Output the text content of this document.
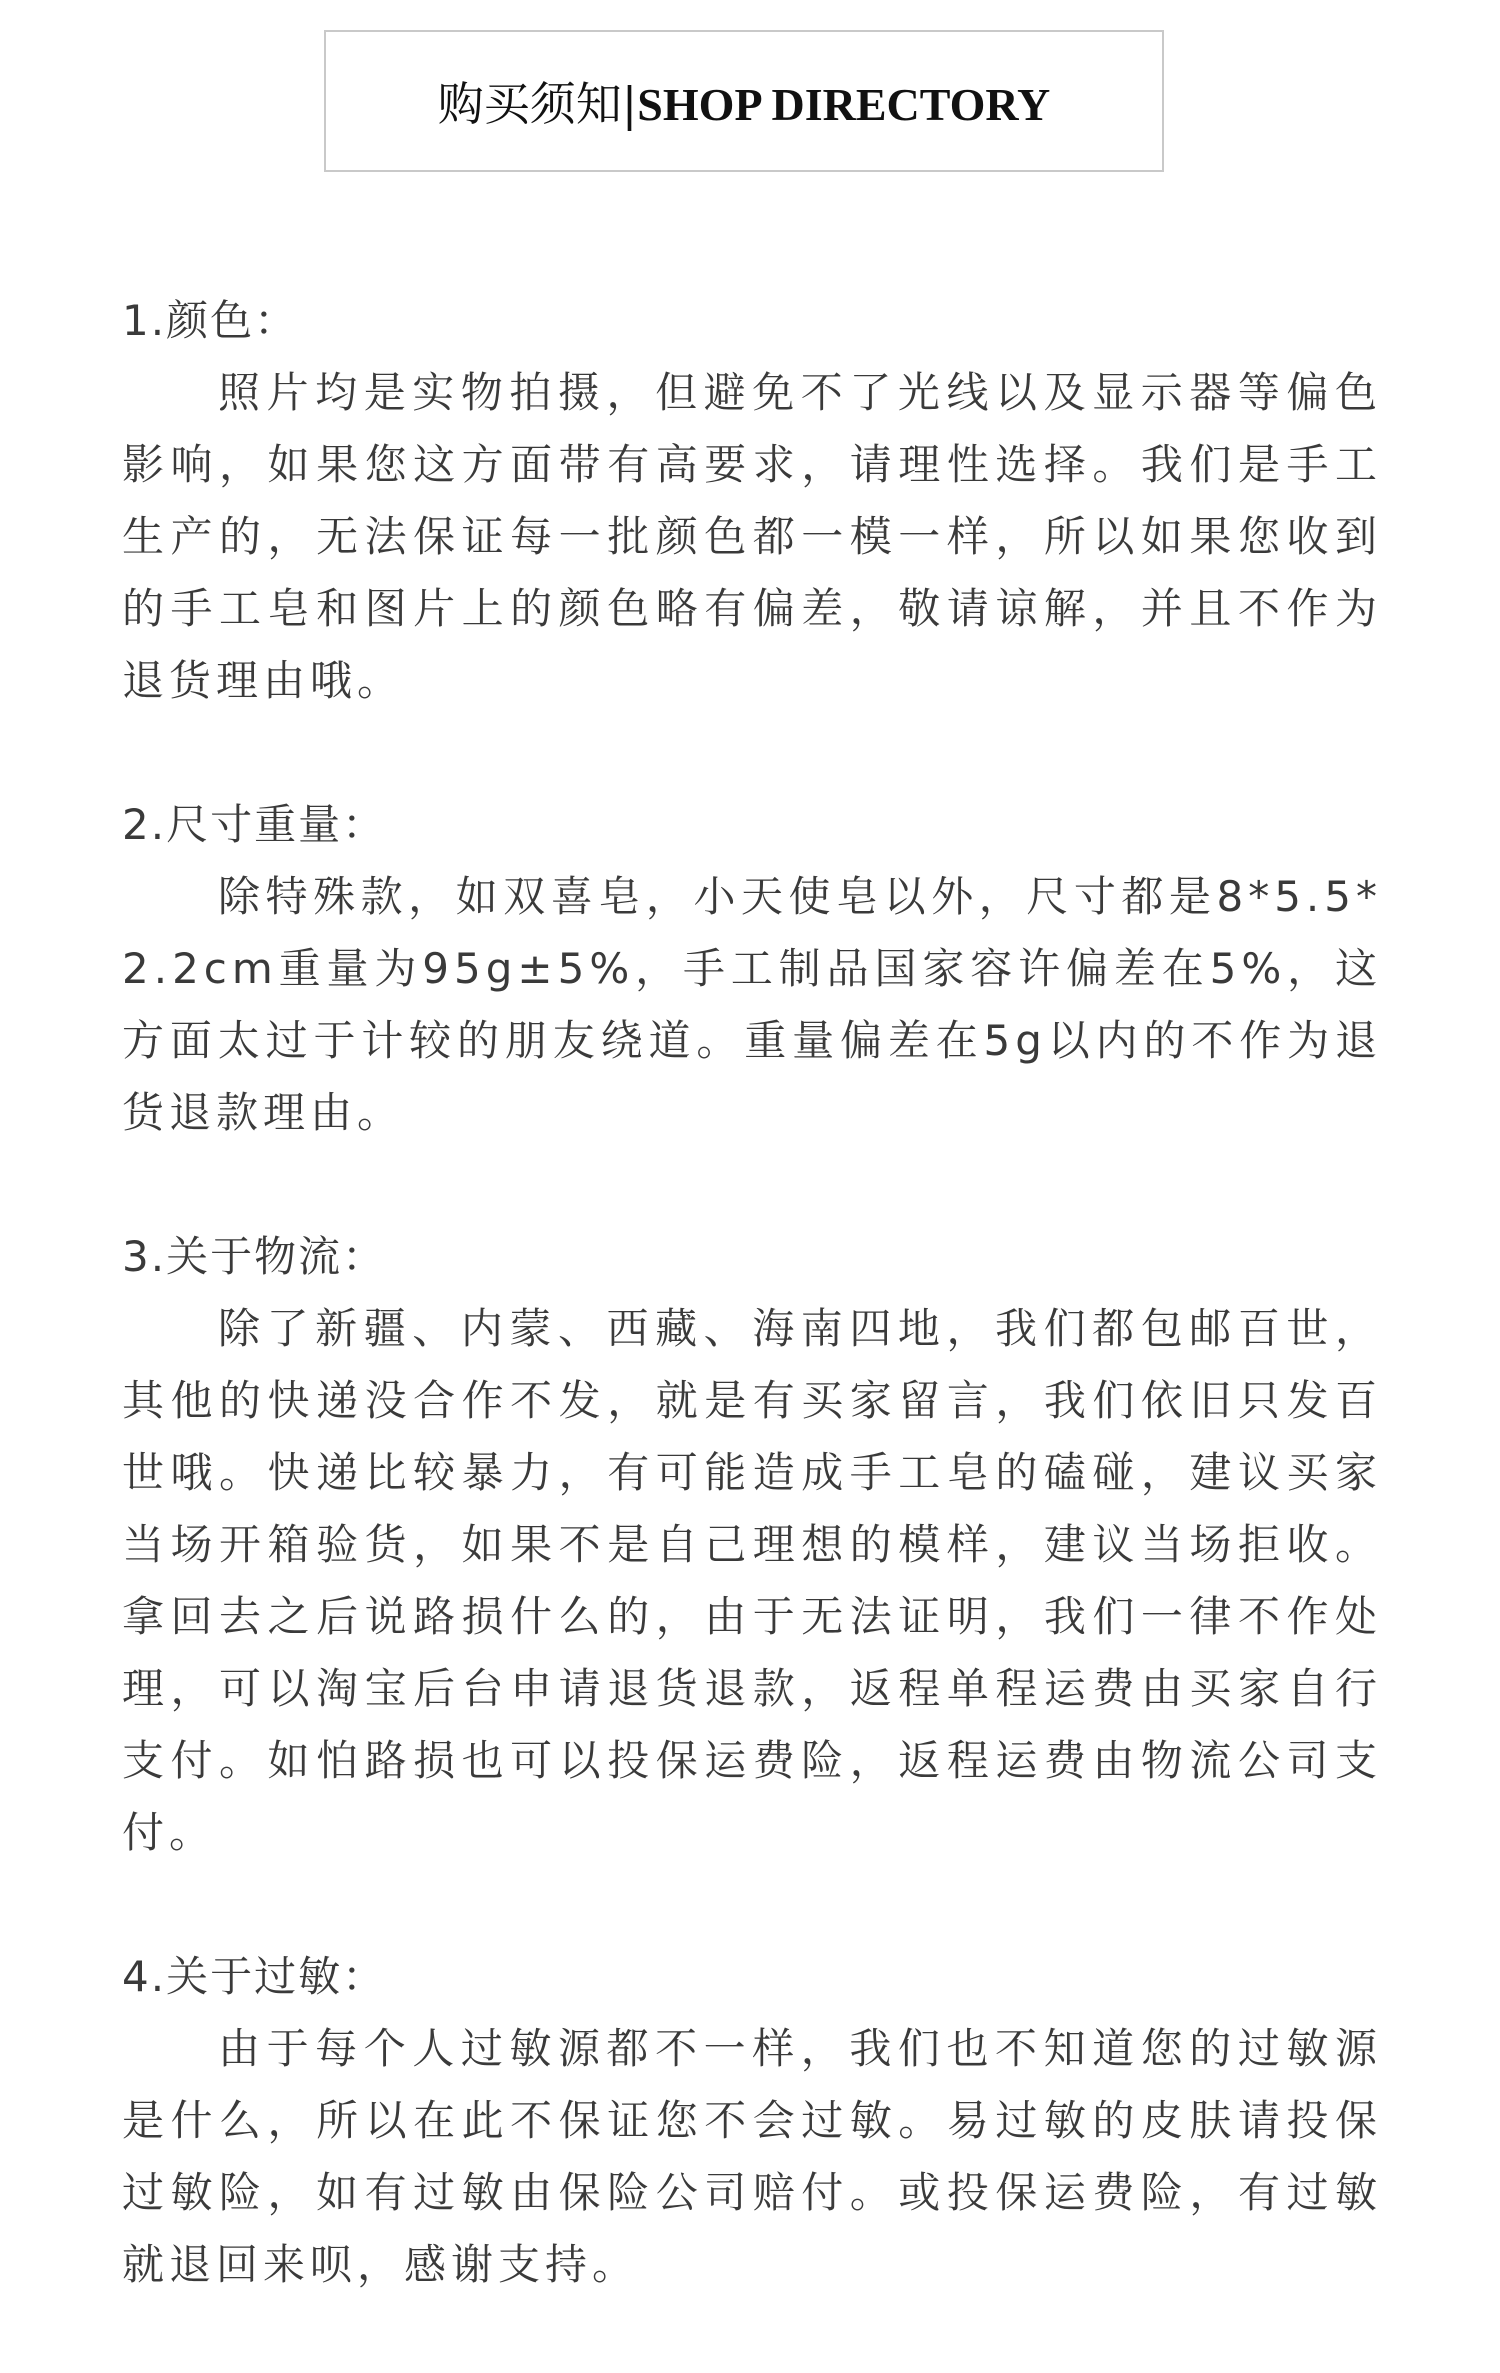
购买须知|SHOP DIRECTORY
1.颜色：
照片均是实物拍摄，但避免不了光线以及显示器等偏色影响，如果您这方面带有高要求，请理性选择。我们是手工生产的，无法保证每一批颜色都一模一样，所以如果您收到的手工皂和图片上的颜色略有偏差，敬请谅解，并且不作为退货理由哦。
2.尺寸重量：
除特殊款，如双喜皂，小天使皂以外，尺寸都是8*5.5*2.2cm重量为95g±5%，手工制品国家容许偏差在5%，这方面太过于计较的朋友绕道。重量偏差在5g以内的不作为退货退款理由。
3.关于物流：
除了新疆、内蒙、西藏、海南四地，我们都包邮百世，其他的快递没合作不发，就是有买家留言，我们依旧只发百世哦。快递比较暴力，有可能造成手工皂的磕碰，建议买家当场开箱验货，如果不是自己理想的模样，建议当场拒收。拿回去之后说路损什么的，由于无法证明，我们一律不作处理，可以淘宝后台申请退货退款，返程单程运费由买家自行支付。如怕路损也可以投保运费险，返程运费由物流公司支付。
4.关于过敏：
由于每个人过敏源都不一样，我们也不知道您的过敏源是什么，所以在此不保证您不会过敏。易过敏的皮肤请投保过敏险，如有过敏由保险公司赔付。或投保运费险，有过敏就退回来呗，感谢支持。
